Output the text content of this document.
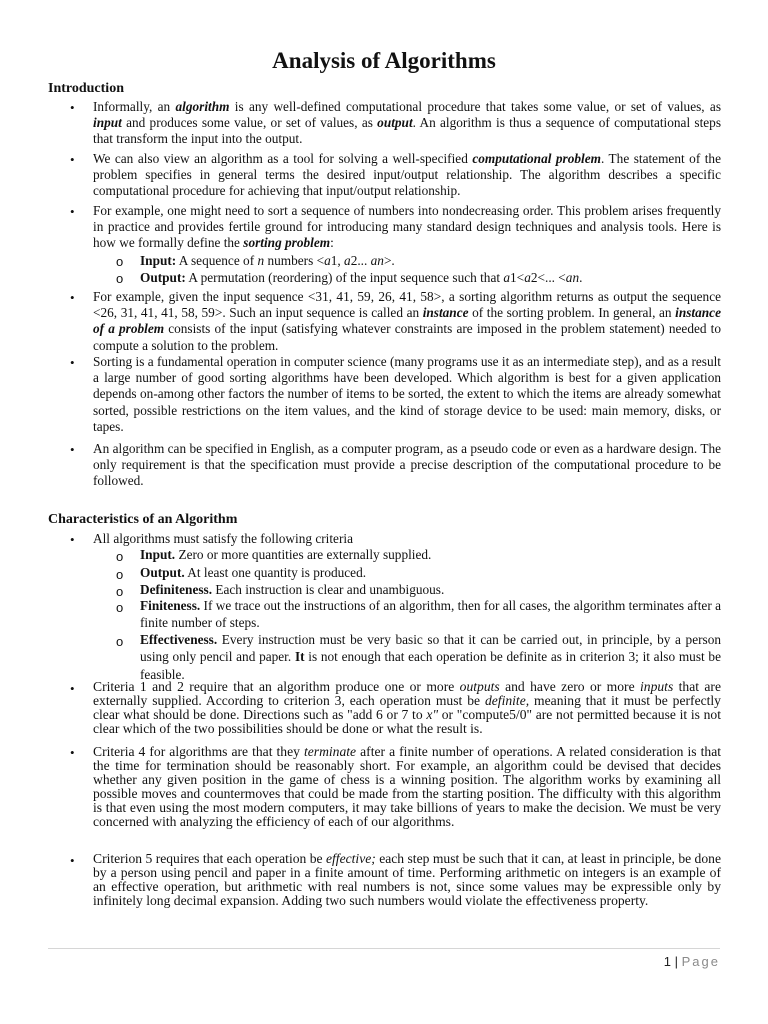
Analysis of Algorithms
Introduction
• Informally, an algorithm is any well-defined computational procedure that takes some value, or set of values, as input and produces some value, or set of values, as output. An algorithm is thus a sequence of computational steps that transform the input into the output.
• We can also view an algorithm as a tool for solving a well-specified computational problem. The statement of the problem specifies in general terms the desired input/output relationship. The algorithm describes a specific computational procedure for achieving that input/output relationship.
• For example, one might need to sort a sequence of numbers into nondecreasing order. This problem arises frequently in practice and provides fertile ground for introducing many standard design techniques and analysis tools. Here is how we formally define the sorting problem:
o Input: A sequence of n numbers <a1, a2... an>.
o Output: A permutation (reordering) of the input sequence such that a1<a2<... <an.
• For example, given the input sequence <31, 41, 59, 26, 41, 58>, a sorting algorithm returns as output the sequence <26, 31, 41, 41, 58, 59>. Such an input sequence is called an instance of the sorting problem. In general, an instance of a problem consists of the input (satisfying whatever constraints are imposed in the problem statement) needed to compute a solution to the problem.
• Sorting is a fundamental operation in computer science (many programs use it as an intermediate step), and as a result a large number of good sorting algorithms have been developed. Which algorithm is best for a given application depends on-among other factors the number of items to be sorted, the extent to which the items are already somewhat sorted, possible restrictions on the item values, and the kind of storage device to be used: main memory, disks, or tapes.
• An algorithm can be specified in English, as a computer program, as a pseudo code or even as a hardware design. The only requirement is that the specification must provide a precise description of the computational procedure to be followed.
Characteristics of an Algorithm
• All algorithms must satisfy the following criteria
o Input. Zero or more quantities are externally supplied.
o Output. At least one quantity is produced.
o Definiteness. Each instruction is clear and unambiguous.
o Finiteness. If we trace out the instructions of an algorithm, then for all cases, the algorithm terminates after a finite number of steps.
o Effectiveness. Every instruction must be very basic so that it can be carried out, in principle, by a person using only pencil and paper. It is not enough that each operation be definite as in criterion 3; it also must be feasible.
• Criteria 1 and 2 require that an algorithm produce one or more outputs and have zero or more inputs that are externally supplied. According to criterion 3, each operation must be definite, meaning that it must be perfectly clear what should be done. Directions such as "add 6 or 7 to x" or "compute5/0" are not permitted because it is not clear which of the two possibilities should be done or what the result is.
• Criteria 4 for algorithms are that they terminate after a finite number of operations. A related consideration is that the time for termination should be reasonably short. For example, an algorithm could be devised that decides whether any given position in the game of chess is a winning position. The algorithm works by examining all possible moves and countermoves that could be made from the starting position. The difficulty with this algorithm is that even using the most modern computers, it may take billions of years to make the decision. We must be very concerned with analyzing the efficiency of each of our algorithms.
• Criterion 5 requires that each operation be effective; each step must be such that it can, at least in principle, be done by a person using pencil and paper in a finite amount of time. Performing arithmetic on integers is an example of an effective operation, but arithmetic with real numbers is not, since some values may be expressible only by infinitely long decimal expansion. Adding two such numbers would violate the effectiveness property.
1 | Page
